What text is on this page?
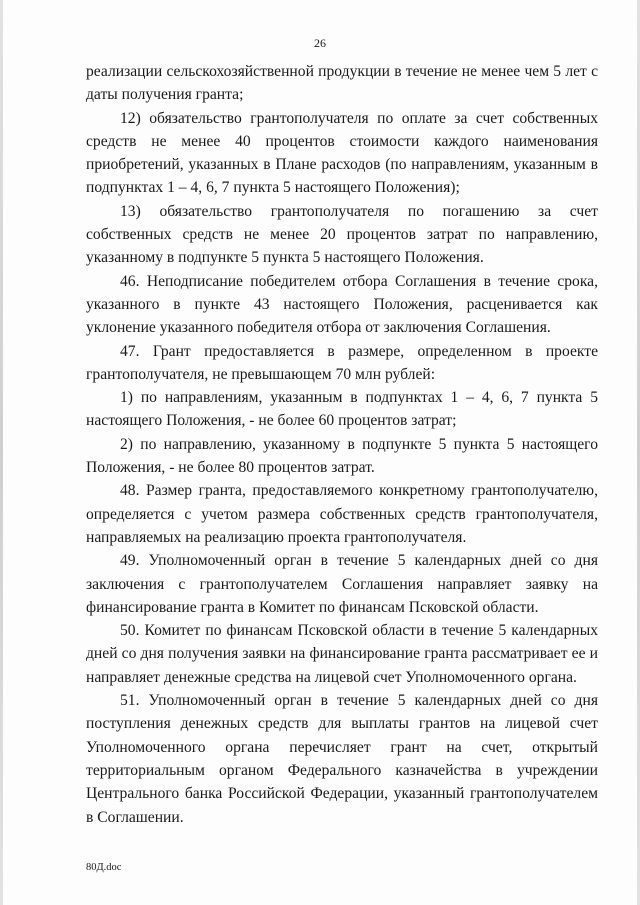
26

реализации сельскохозяйственной продукции в течение не менее чем 5 лет с даты получения гранта;

12) обязательство грантополучателя по оплате за счет собственных средств не менее 40 процентов стоимости каждого наименования приобретений, указанных в Плане расходов (по направлениям, указанным в подпунктах 1 – 4, 6, 7 пункта 5 настоящего Положения);

13) обязательство грантополучателя по погашению за счет собственных средств не менее 20 процентов затрат по направлению, указанному в подпункте 5 пункта 5 настоящего Положения.

46. Неподписание победителем отбора Соглашения в течение срока, указанного в пункте 43 настоящего Положения, расценивается как уклонение указанного победителя отбора от заключения Соглашения.

47. Грант предоставляется в размере, определенном в проекте грантополучателя, не превышающем 70 млн рублей:

1) по направлениям, указанным в подпунктах 1 – 4, 6, 7 пункта 5 настоящего Положения, - не более 60 процентов затрат;

2) по направлению, указанному в подпункте 5 пункта 5 настоящего Положения, - не более 80 процентов затрат.

48. Размер гранта, предоставляемого конкретному грантополучателю, определяется с учетом размера собственных средств грантополучателя, направляемых на реализацию проекта грантополучателя.

49. Уполномоченный орган в течение 5 календарных дней со дня заключения с грантополучателем Соглашения направляет заявку на финансирование гранта в Комитет по финансам Псковской области.

50. Комитет по финансам Псковской области в течение 5 календарных дней со дня получения заявки на финансирование гранта рассматривает ее и направляет денежные средства на лицевой счет Уполномоченного органа.

51. Уполномоченный орган в течение 5 календарных дней со дня поступления денежных средств для выплаты грантов на лицевой счет Уполномоченного органа перечисляет грант на счет, открытый территориальным органом Федерального казначейства в учреждении Центрального банка Российской Федерации, указанный грантополучателем в Соглашении.

80Д.doc
